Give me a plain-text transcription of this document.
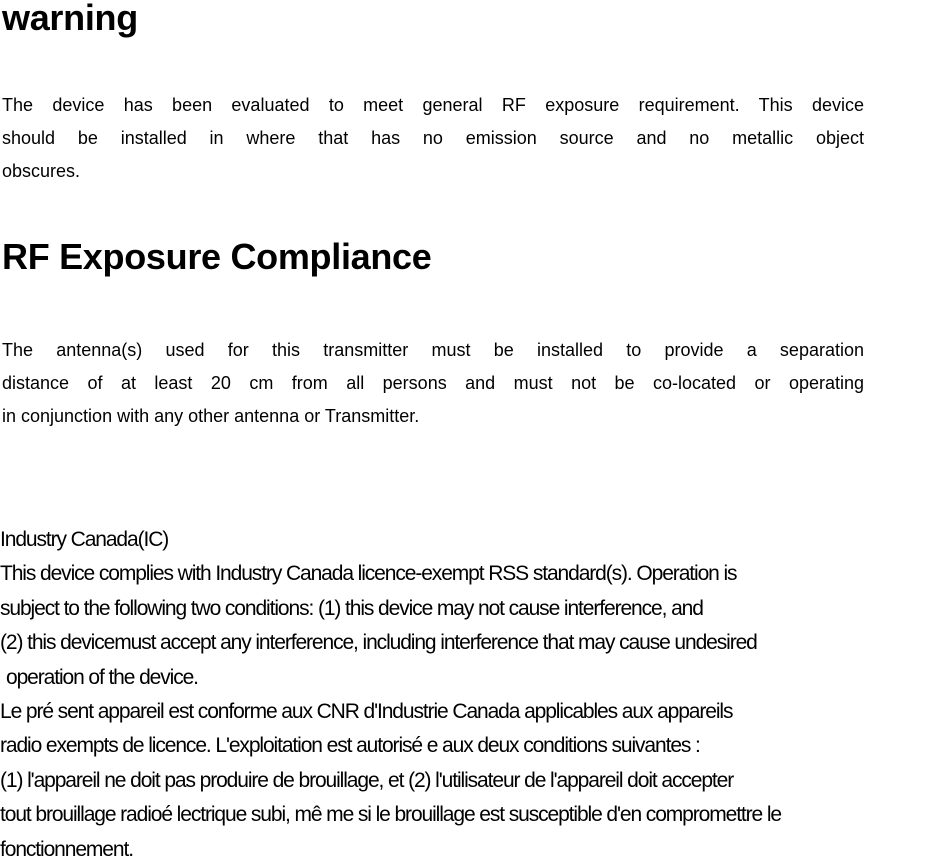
warning

The device has been evaluated to meet general RF exposure requirement. This device
should be installed in where that has no emission source and no metallic object
obscures.

RF Exposure Compliance

The antenna(s) used for this transmitter must be installed to provide a separation
distance of at least 20 cm from all persons and must not be co-located or operating
in conjunction with any other antenna or Transmitter.

Industry Canada(IC)
This device complies with Industry Canada licence-exempt RSS standard(s). Operation is
subject to the following two conditions: (1) this device may not cause interference, and
(2) this devicemust accept any interference, including interference that may cause undesired
operation of the device.
Le pré sent appareil est conforme aux CNR d'Industrie Canada applicables aux appareils
radio exempts de licence. L'exploitation est autorisé e aux deux conditions suivantes :
(1) l'appareil ne doit pas produire de brouillage, et (2) l'utilisateur de l'appareil doit accepter
tout brouillage radioé lectrique subi, mê me si le brouillage est susceptible d'en compromettre le
fonctionnement.
